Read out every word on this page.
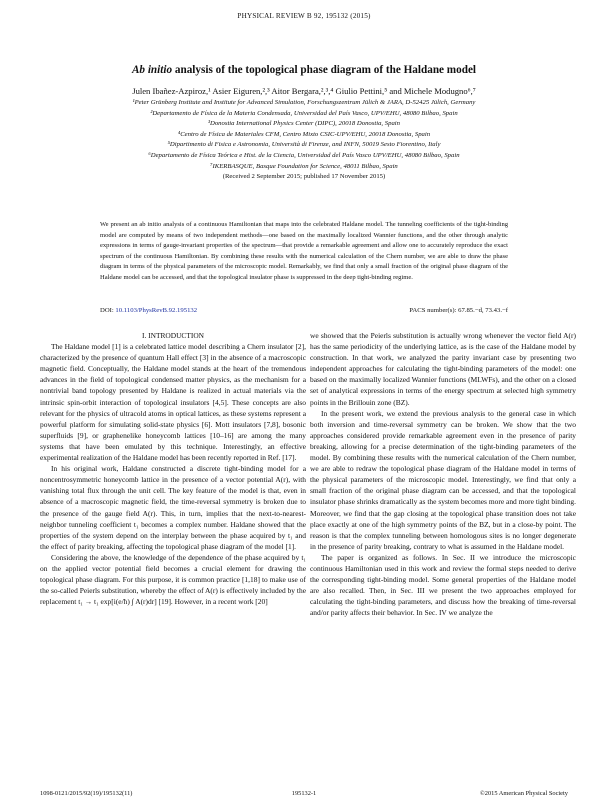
PHYSICAL REVIEW B 92, 195132 (2015)
Ab initio analysis of the topological phase diagram of the Haldane model
Julen Ibañez-Azpiroz,¹ Asier Eiguren,²,³ Aitor Bergara,²,³,⁴ Giulio Pettini,⁵ and Michele Modugno⁶,⁷
¹Peter Grünberg Institute and Institute for Advanced Simulation, Forschungszentrum Jülich & JARA, D-52425 Jülich, Germany
²Departamento de Física de la Materia Condensada, Universidad del País Vasco, UPV/EHU, 48080 Bilbao, Spain
³Donostia International Physics Center (DIPC), 20018 Donostia, Spain
⁴Centro de Física de Materiales CFM, Centro Mixto CSIC-UPV/EHU, 20018 Donostia, Spain
⁵Dipartimento di Fisica e Astronomia, Università di Firenze, and INFN, 50019 Sesto Fiorentino, Italy
⁶Departamento de Física Teórica e Hist. de la Ciencia, Universidad del País Vasco UPV/EHU, 48080 Bilbao, Spain
⁷IKERBASQUE, Basque Foundation for Science, 48011 Bilbao, Spain
(Received 2 September 2015; published 17 November 2015)

We present an ab initio analysis of a continuous Hamiltonian that maps into the celebrated Haldane model. The tunneling coefficients of the tight-binding model are computed by means of two independent methods—one based on the maximally localized Wannier functions, and the other through analytic expressions in terms of gauge-invariant properties of the spectrum—that provide a remarkable agreement and allow one to accurately reproduce the exact spectrum of the continuous Hamiltonian. By combining these results with the numerical calculation of the Chern number, we are able to draw the phase diagram in terms of the physical parameters of the microscopic model. Remarkably, we find that only a small fraction of the original phase diagram of the Haldane model can be accessed, and that the topological insulator phase is suppressed in the deep tight-binding regime.

DOI: 10.1103/PhysRevB.92.195132	PACS number(s): 67.85.−d, 73.43.−f

I. INTRODUCTION

The Haldane model [1] is a celebrated lattice model describing a Chern insulator [2], characterized by the presence of quantum Hall effect [3] in the absence of a macroscopic magnetic field. Conceptually, the Haldane model stands at the heart of the tremendous advances in the field of topological condensed matter physics, as the mechanism for a nontrivial band topology presented by Haldane is realized in actual materials via the intrinsic spin-orbit interaction of topological insulators [4,5]. These concepts are also relevant for the physics of ultracold atoms in optical lattices, as these systems represent a powerful platform for simulating solid-state physics [6]. Mott insulators [7,8], bosonic superfluids [9], or graphenelike honeycomb lattices [10–16] are among the many systems that have been emulated by this technique. Interestingly, an effective experimental realization of the Haldane model has been recently reported in Ref. [17].

In his original work, Haldane constructed a discrete tight-binding model for a noncentrosymmetric honeycomb lattice in the presence of a vector potential A(r), with vanishing total flux through the unit cell. The key feature of the model is that, even in absence of a macroscopic magnetic field, the time-reversal symmetry is broken due to the presence of the gauge field A(r). This, in turn, implies that the next-to-nearest-neighbor tunneling coefficient t₁ becomes a complex number. Haldane showed that the properties of the system depend on the interplay between the phase acquired by t₁ and the effect of parity breaking, affecting the topological phase diagram of the model [1].

Considering the above, the knowledge of the dependence of the phase acquired by t₁ on the applied vector potential field becomes a crucial element for drawing the topological phase diagram. For this purpose, it is common practice [1,18] to make use of the so-called Peierls substitution, whereby the effect of A(r) is effectively included by the replacement t₁ → t₁ exp[i(e/ħ) ∫ A(r)dr] [19]. However, in a recent work [20]

we showed that the Peierls substitution is actually wrong whenever the vector field A(r) has the same periodicity of the underlying lattice, as is the case of the Haldane model by construction. In that work, we analyzed the parity invariant case by presenting two independent approaches for calculating the tight-binding parameters of the model: one based on the maximally localized Wannier functions (MLWFs), and the other on a closed set of analytical expressions in terms of the energy spectrum at selected high symmetry points in the Brillouin zone (BZ).

In the present work, we extend the previous analysis to the general case in which both inversion and time-reversal symmetry can be broken. We show that the two approaches considered provide remarkable agreement even in the presence of parity breaking, allowing for a precise determination of the tight-binding parameters of the model. By combining these results with the numerical calculation of the Chern number, we are able to redraw the topological phase diagram of the Haldane model in terms of the physical parameters of the microscopic model. Interestingly, we find that only a small fraction of the original phase diagram can be accessed, and that the topological insulator phase shrinks dramatically as the system becomes more and more tight binding. Moreover, we find that the gap closing at the topological phase transition does not take place exactly at one of the high symmetry points of the BZ, but in a close-by point. The reason is that the complex tunneling between homologous sites is no longer degenerate in the presence of parity breaking, contrary to what is assumed in the Haldane model.

The paper is organized as follows. In Sec. II we introduce the microscopic continuous Hamiltonian used in this work and review the formal steps needed to derive the corresponding tight-binding model. Some general properties of the Haldane model are also recalled. Then, in Sec. III we present the two approaches employed for calculating the tight-binding parameters, and discuss how the breaking of time-reversal and/or parity affects their behavior. In Sec. IV we analyze the

1098-0121/2015/92(19)/195132(11)	195132-1	©2015 American Physical Society
